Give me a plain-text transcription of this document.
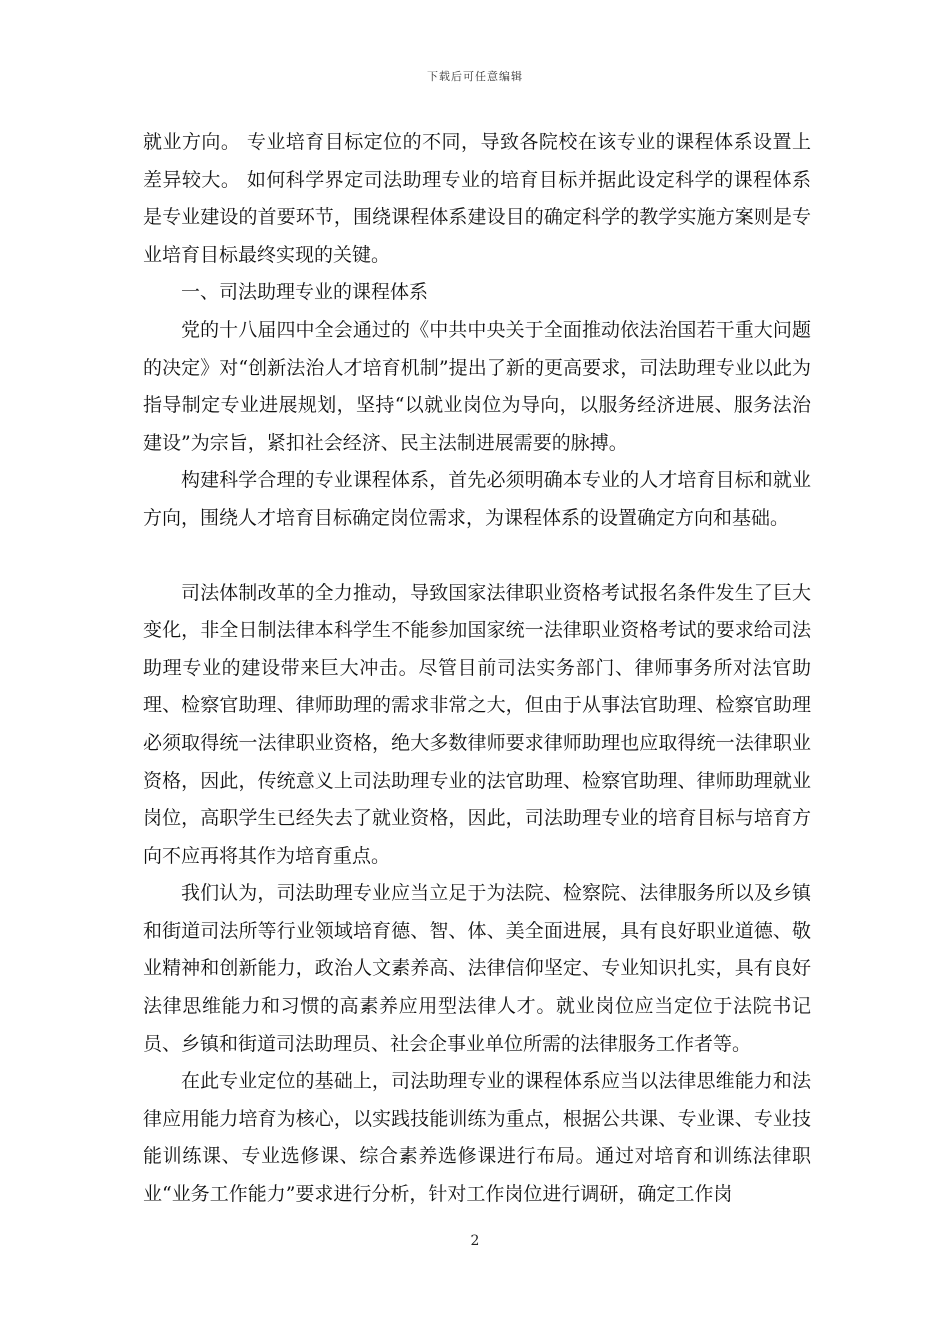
下载后可任意编辑

就业方向。 专业培育目标定位的不同，导致各院校在该专业的课程体系设置上差异较大。 如何科学界定司法助理专业的培育目标并据此设定科学的课程体系是专业建设的首要环节，围绕课程体系建设目的确定科学的教学实施方案则是专业培育目标最终实现的关键。

一、司法助理专业的课程体系

党的十八届四中全会通过的《中共中央关于全面推动依法治国若干重大问题的决定》对“创新法治人才培育机制”提出了新的更高要求，司法助理专业以此为指导制定专业进展规划，坚持“以就业岗位为导向，以服务经济进展、服务法治建设”为宗旨，紧扣社会经济、民主法制进展需要的脉搏。

构建科学合理的专业课程体系，首先必须明确本专业的人才培育目标和就业方向，围绕人才培育目标确定岗位需求，为课程体系的设置确定方向和基础。

司法体制改革的全力推动，导致国家法律职业资格考试报名条件发生了巨大变化，非全日制法律本科学生不能参加国家统一法律职业资格考试的要求给司法助理专业的建设带来巨大冲击。尽管目前司法实务部门、律师事务所对法官助理、检察官助理、律师助理的需求非常之大，但由于从事法官助理、检察官助理必须取得统一法律职业资格，绝大多数律师要求律师助理也应取得统一法律职业资格，因此，传统意义上司法助理专业的法官助理、检察官助理、律师助理就业岗位，高职学生已经失去了就业资格，因此，司法助理专业的培育目标与培育方向不应再将其作为培育重点。

我们认为，司法助理专业应当立足于为法院、检察院、法律服务所以及乡镇和街道司法所等行业领域培育德、智、体、美全面进展，具有良好职业道德、敬业精神和创新能力，政治人文素养高、法律信仰坚定、专业知识扎实，具有良好法律思维能力和习惯的高素养应用型法律人才。就业岗位应当定位于法院书记员、乡镇和街道司法助理员、社会企事业单位所需的法律服务工作者等。

在此专业定位的基础上，司法助理专业的课程体系应当以法律思维能力和法律应用能力培育为核心，以实践技能训练为重点，根据公共课、专业课、专业技能训练课、专业选修课、综合素养选修课进行布局。通过对培育和训练法律职业“业务工作能力”要求进行分析，针对工作岗位进行调研，确定工作岗

2
